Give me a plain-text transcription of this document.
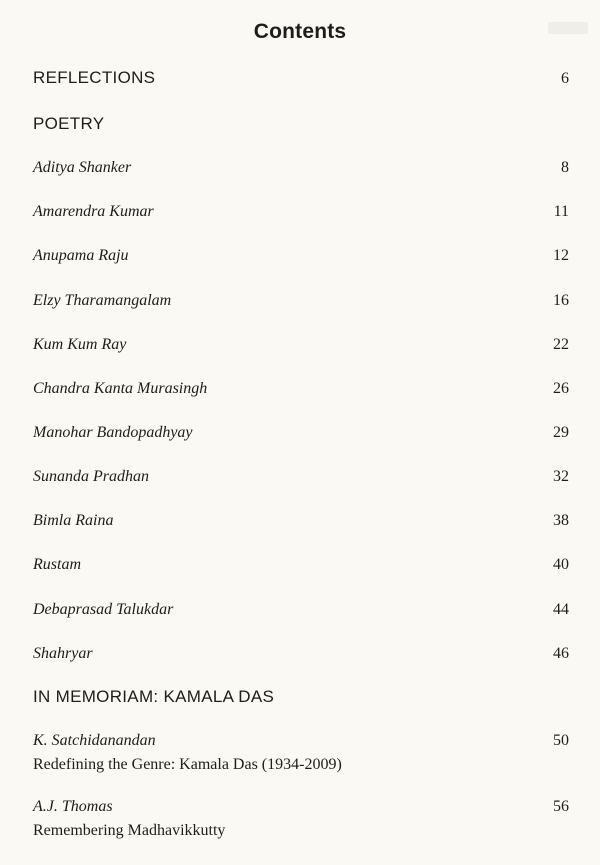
Contents
REFLECTIONS	6
POETRY
Aditya Shanker	8
Amarendra Kumar	11
Anupama Raju	12
Elzy Tharamangalam	16
Kum Kum Ray	22
Chandra Kanta Murasingh	26
Manohar Bandopadhyay	29
Sunanda Pradhan	32
Bimla Raina	38
Rustam	40
Debaprasad Talukdar	44
Shahryar	46
IN MEMORIAM: KAMALA DAS
K. Satchidanandan	50
Redefining the Genre: Kamala Das (1934-2009)
A.J. Thomas	56
Remembering Madhavikkutty
